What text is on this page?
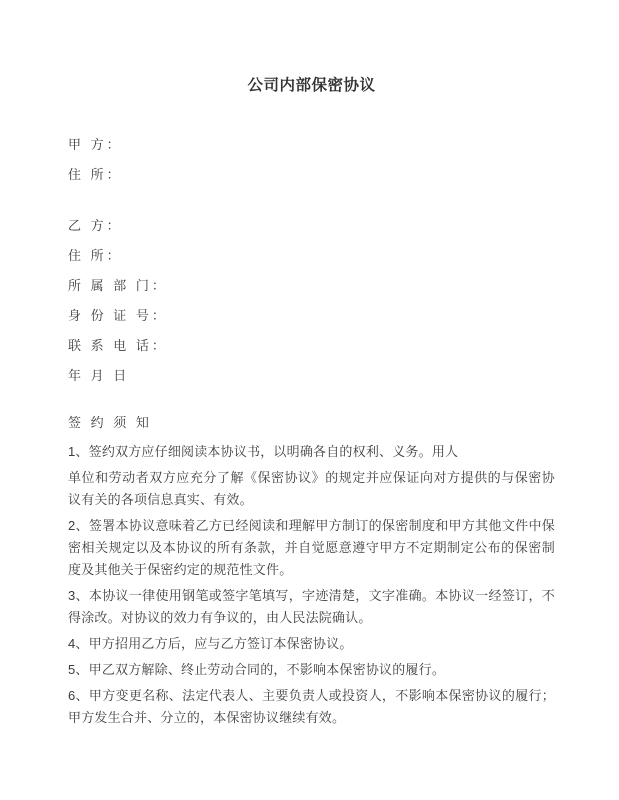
公司内部保密协议
甲 方：
住 所：
乙 方：
住 所：
所 属 部 门：
身 份 证 号：
联 系 电 话：
年 月 日
签 约 须 知

1、签约双方应仔细阅读本协议书，以明确各自的权利、义务。用人

单位和劳动者双方应充分了解《保密协议》的规定并应保证向对方提供的与保密协议有关的各项信息真实、有效。

2、签署本协议意味着乙方已经阅读和理解甲方制订的保密制度和甲方其他文件中保密相关规定以及本协议的所有条款，并自觉愿意遵守甲方不定期制定公布的保密制度及其他关于保密约定的规范性文件。

3、本协议一律使用钢笔或签字笔填写，字迹清楚，文字准确。本协议一经签订，不得涂改。对协议的效力有争议的，由人民法院确认。

4、甲方招用乙方后，应与乙方签订本保密协议。

5、甲乙双方解除、终止劳动合同的，不影响本保密协议的履行。

6、甲方变更名称、法定代表人、主要负责人或投资人，不影响本保密协议的履行；甲方发生合并、分立的，本保密协议继续有效。
